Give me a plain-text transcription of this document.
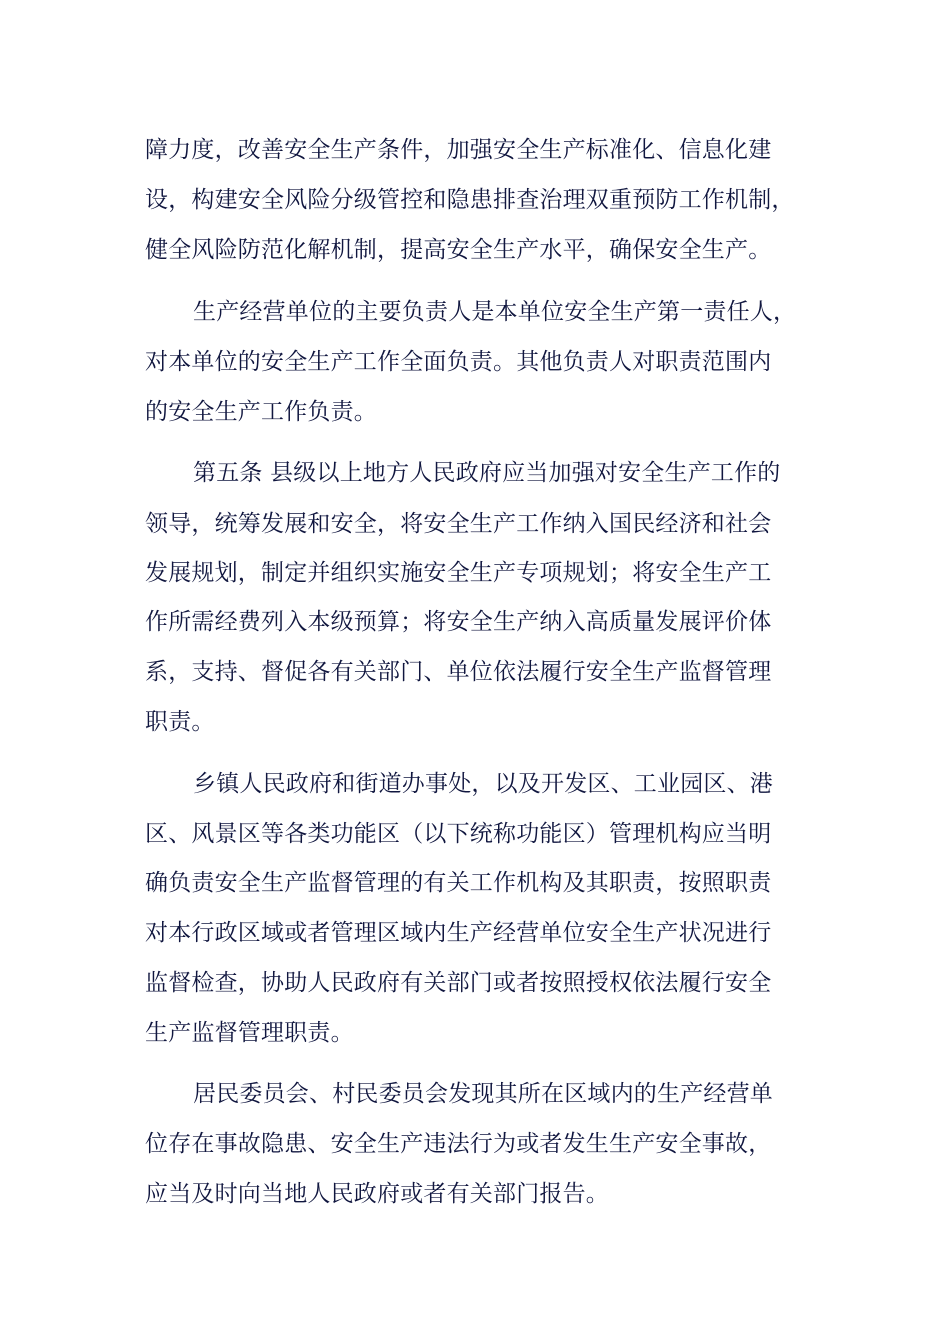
障力度，改善安全生产条件，加强安全生产标准化、信息化建
设，构建安全风险分级管控和隐患排查治理双重预防工作机制，
健全风险防范化解机制，提高安全生产水平，确保安全生产。
生产经营单位的主要负责人是本单位安全生产第一责任人，
对本单位的安全生产工作全面负责。其他负责人对职责范围内
的安全生产工作负责。
第五条 县级以上地方人民政府应当加强对安全生产工作的
领导，统筹发展和安全，将安全生产工作纳入国民经济和社会
发展规划，制定并组织实施安全生产专项规划；将安全生产工
作所需经费列入本级预算；将安全生产纳入高质量发展评价体
系，支持、督促各有关部门、单位依法履行安全生产监督管理
职责。
乡镇人民政府和街道办事处，以及开发区、工业园区、港
区、风景区等各类功能区（以下统称功能区）管理机构应当明
确负责安全生产监督管理的有关工作机构及其职责，按照职责
对本行政区域或者管理区域内生产经营单位安全生产状况进行
监督检查，协助人民政府有关部门或者按照授权依法履行安全
生产监督管理职责。
居民委员会、村民委员会发现其所在区域内的生产经营单
位存在事故隐患、安全生产违法行为或者发生生产安全事故，
应当及时向当地人民政府或者有关部门报告。
